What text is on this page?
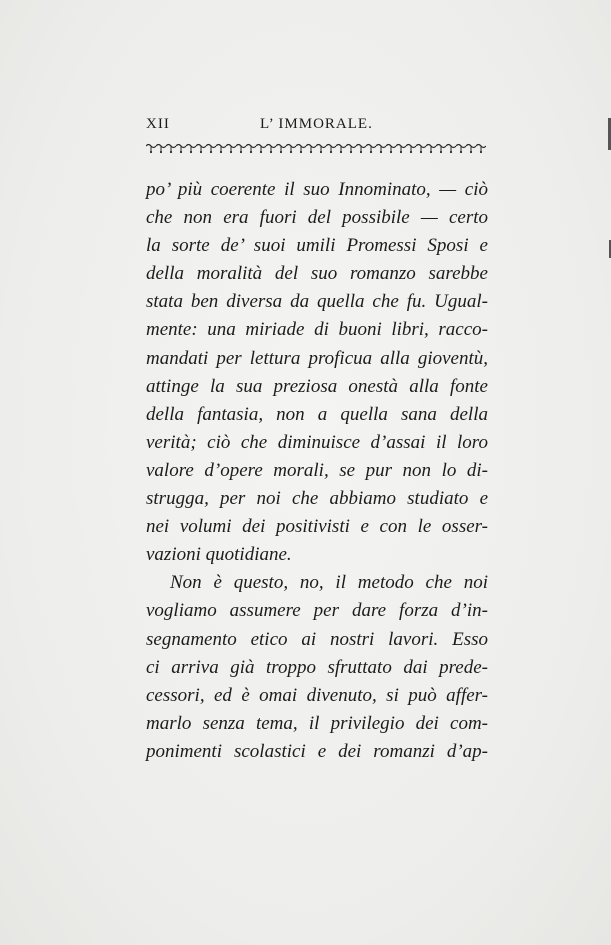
XII	L’ IMMORALE.
po’ più coerente il suo Innominato, — ciò
che non era fuori del possibile — certo
la sorte de’ suoi umili Promessi Sposi e
della moralità del suo romanzo sarebbe
stata ben diversa da quella che fu. Ugual-
mente: una miriade di buoni libri, racco-
mandati per lettura proficua alla gioventù,
attinge la sua preziosa onestà alla fonte
della fantasia, non a quella sana della
verità; ciò che diminuisce d’assai il loro
valore d’opere morali, se pur non lo di-
strugga, per noi che abbiamo studiato e
nei volumi dei positivisti e con le osser-
vazioni quotidiane.
Non è questo, no, il metodo che noi
vogliamo assumere per dare forza d’in-
segnamento etico ai nostri lavori. Esso
ci arriva già troppo sfruttato dai prede-
cessori, ed è omai divenuto, si può affer-
marlo senza tema, il privilegio dei com-
ponimenti scolastici e dei romanzi d’ap-
